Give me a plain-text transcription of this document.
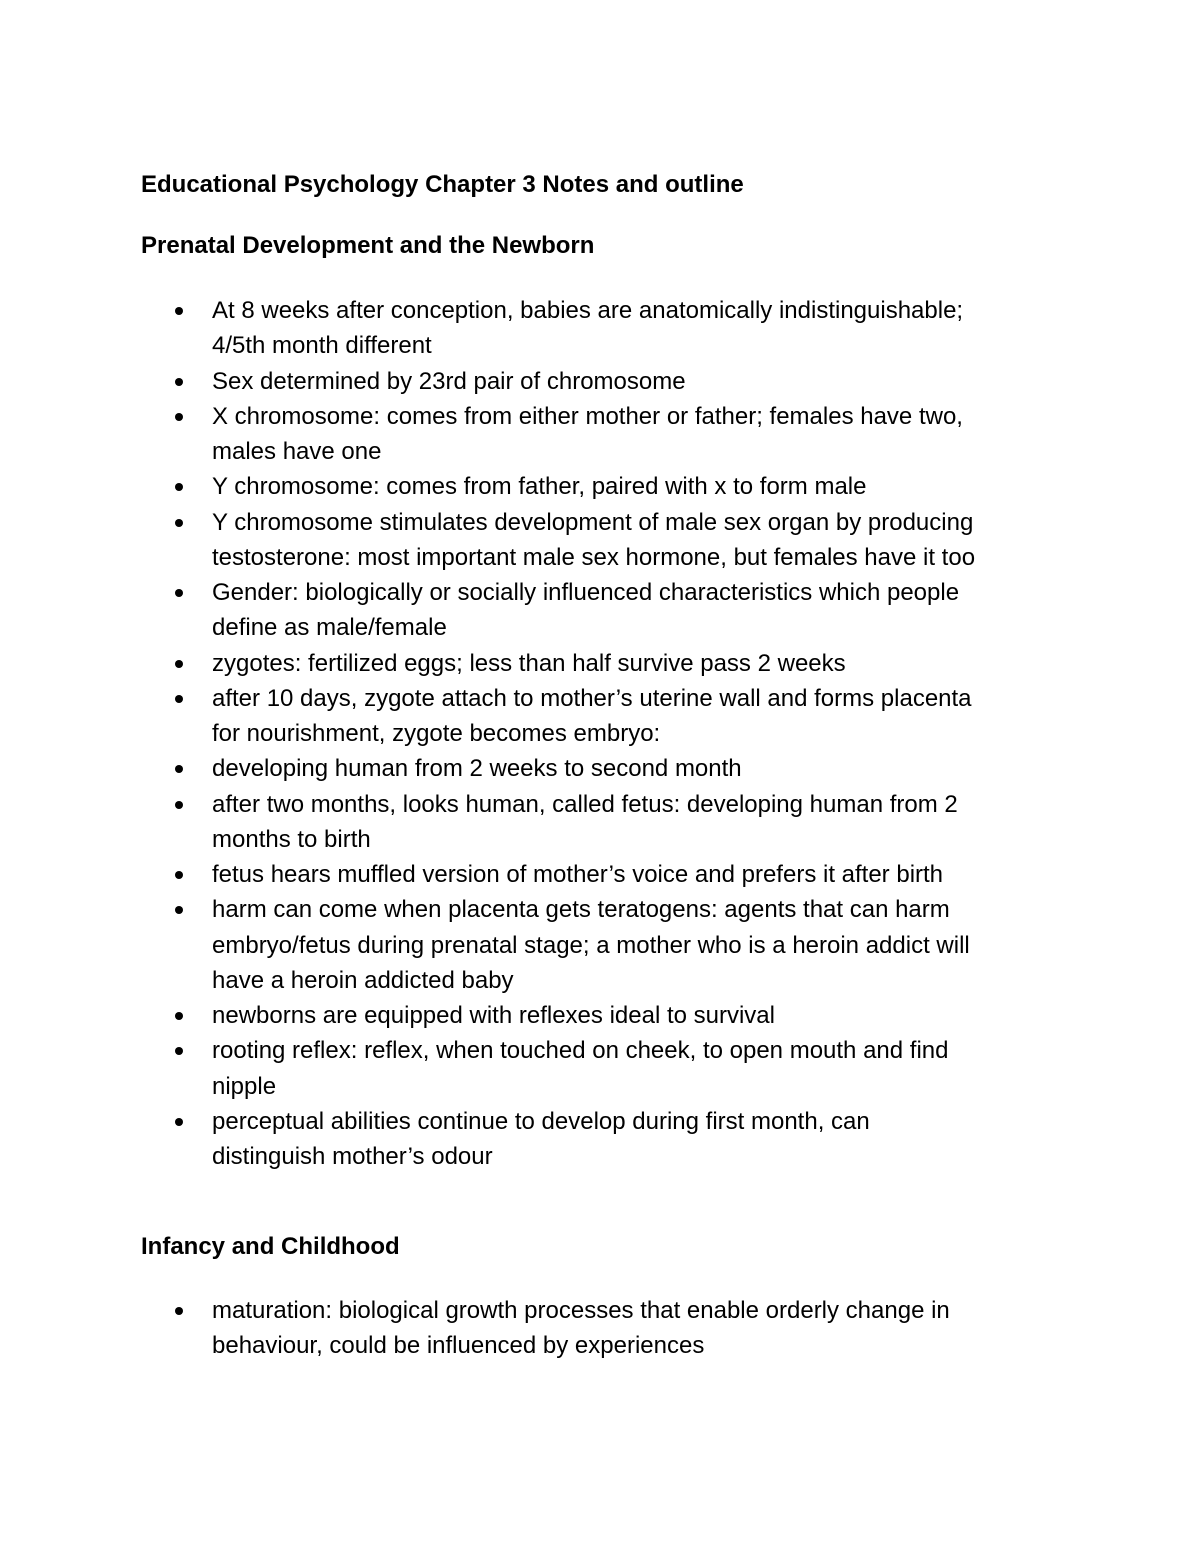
Educational Psychology Chapter 3 Notes and outline
Prenatal Development and the Newborn
At 8 weeks after conception, babies are anatomically indistinguishable;
4/5th month different
Sex determined by 23rd pair of chromosome
X chromosome: comes from either mother or father; females have two,
males have one
Y chromosome: comes from father, paired with x to form male
Y chromosome stimulates development of male sex organ by producing
testosterone: most important male sex hormone, but females have it too
Gender: biologically or socially influenced characteristics which people
define as male/female
zygotes: fertilized eggs; less than half survive pass 2 weeks
after 10 days, zygote attach to mother’s uterine wall and forms placenta
for nourishment, zygote becomes embryo:
developing human from 2 weeks to second month
after two months, looks human, called fetus: developing human from 2
months to birth
fetus hears muffled version of mother’s voice and prefers it after birth
harm can come when placenta gets teratogens: agents that can harm
embryo/fetus during prenatal stage; a mother who is a heroin addict will
have a heroin addicted baby
newborns are equipped with reflexes ideal to survival
rooting reflex: reflex, when touched on cheek, to open mouth and find
nipple
perceptual abilities continue to develop during first month, can
distinguish mother’s odour
Infancy and Childhood
maturation: biological growth processes that enable orderly change in
behaviour, could be influenced by experiences
